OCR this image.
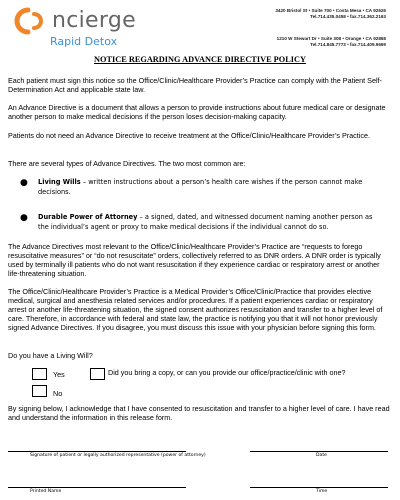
ncierge
Rapid Detox
3420 Bristol St • Suite 700 • Costa Mesa • CA 92626
Tel.714.435.0458 • fax.714.362.2163
1210 W Stewart Dr • Suite 308 • Orange • CA 92868
Tel.714.845.7773 • fax.714.409.9669
NOTICE REGARDING ADVANCE DIRECTIVE POLICY

Each patient must sign this notice so the Office/Clinic/Healthcare Provider’s Practice can comply with the Patient Self-Determination Act and applicable state law.

An Advance Directive is a document that allows a person to provide instructions about future medical care or designate another person to make medical decisions if the person loses decision-making capacity.

Patients do not need an Advance Directive to receive treatment at the Office/Clinic/Healthcare Provider’s Practice.

There are several types of Advance Directives. The two most common are:

● Living Wills – written instructions about a person’s health care wishes if the person cannot make decisions.
● Durable Power of Attorney – a signed, dated, and witnessed document naming another person as the individual’s agent or proxy to make medical decisions if the individual cannot do so.

The Advance Directives most relevant to the Office/Clinic/Healthcare Provider’s Practice are “requests to forego resuscitative measures” or “do not resuscitate” orders, collectively referred to as DNR orders. A DNR order is typically used by terminally ill patients who do not want resuscitation if they experience cardiac or respiratory arrest or another life-threatening situation.

The Office/Clinic/Healthcare Provider’s Practice is a Medical Provider’s Office/Clinic/Practice that provides elective medical, surgical and anesthesia related services and/or procedures. If a patient experiences cardiac or respiratory arrest or another life-threatening situation, the signed consent authorizes resuscitation and transfer to a higher level of care. Therefore, in accordance with federal and state law, the practice is notifying you that it will not honor previously signed Advance Directives. If you disagree, you must discuss this issue with your physician before signing this form.

Do you have a Living Will?
Yes	Did you bring a copy, or can you provide our office/practice/clinic with one?
No

By signing below, I acknowledge that I have consented to resuscitation and transfer to a higher level of care. I have read and understand the information in this release form.

Signature of patient or legally authorized representative (power of attorney)	Date
Printed Name	Time
